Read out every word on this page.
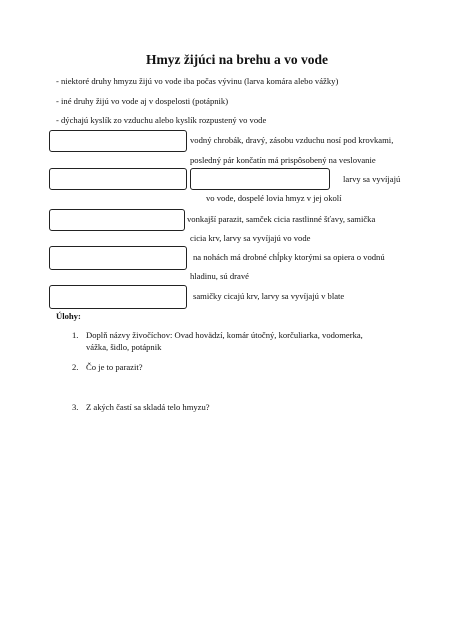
Hmyz žijúci na brehu a vo vode
- niektoré druhy hmyzu žijú vo vode iba počas vývinu (larva komára alebo vážky)
- iné druhy žijú vo vode aj v dospelosti (potápnik)
- dýchajú kyslík zo vzduchu alebo kyslík rozpustený vo vode
vodný chrobák, dravý, zásobu vzduchu nosí pod krovkami,
posledný pár končatín má prispôsobený na veslovanie
larvy sa vyvíjajú
vo vode, dospelé lovia hmyz v jej okolí
vonkajší parazit, samček cicia rastlinné šťavy, samička
cicia krv, larvy sa vyvíjajú vo vode
na nohách má drobné chĺpky ktorými sa opiera o vodnú
hladinu, sú dravé
samičky cicajú krv, larvy sa vyvíjajú v blate
Úlohy:
1. Doplň názvy živočíchov: Ovad hovädzí, komár útočný, korčuliarka, vodomerka,
vážka, šidlo, potápnik
2. Čo je to parazit?
3. Z akých častí sa skladá telo hmyzu?
